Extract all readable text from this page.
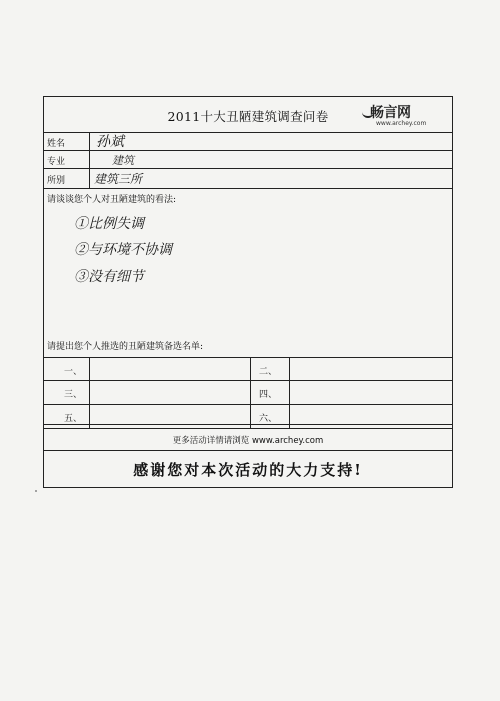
2011十大丑陋建筑调查问卷	畅言网
www.archey.com
姓名 孙斌
专业	建筑
所别 建筑三所
请谈谈您个人对丑陋建筑的看法:
①比例失调
②与环境不协调
③没有细节
请提出您个人推选的丑陋建筑备选名单:
一、	二、
三、	四、
五、	六、
更多活动详情请浏览 www.archey.com
感谢您对本次活动的大力支持!
